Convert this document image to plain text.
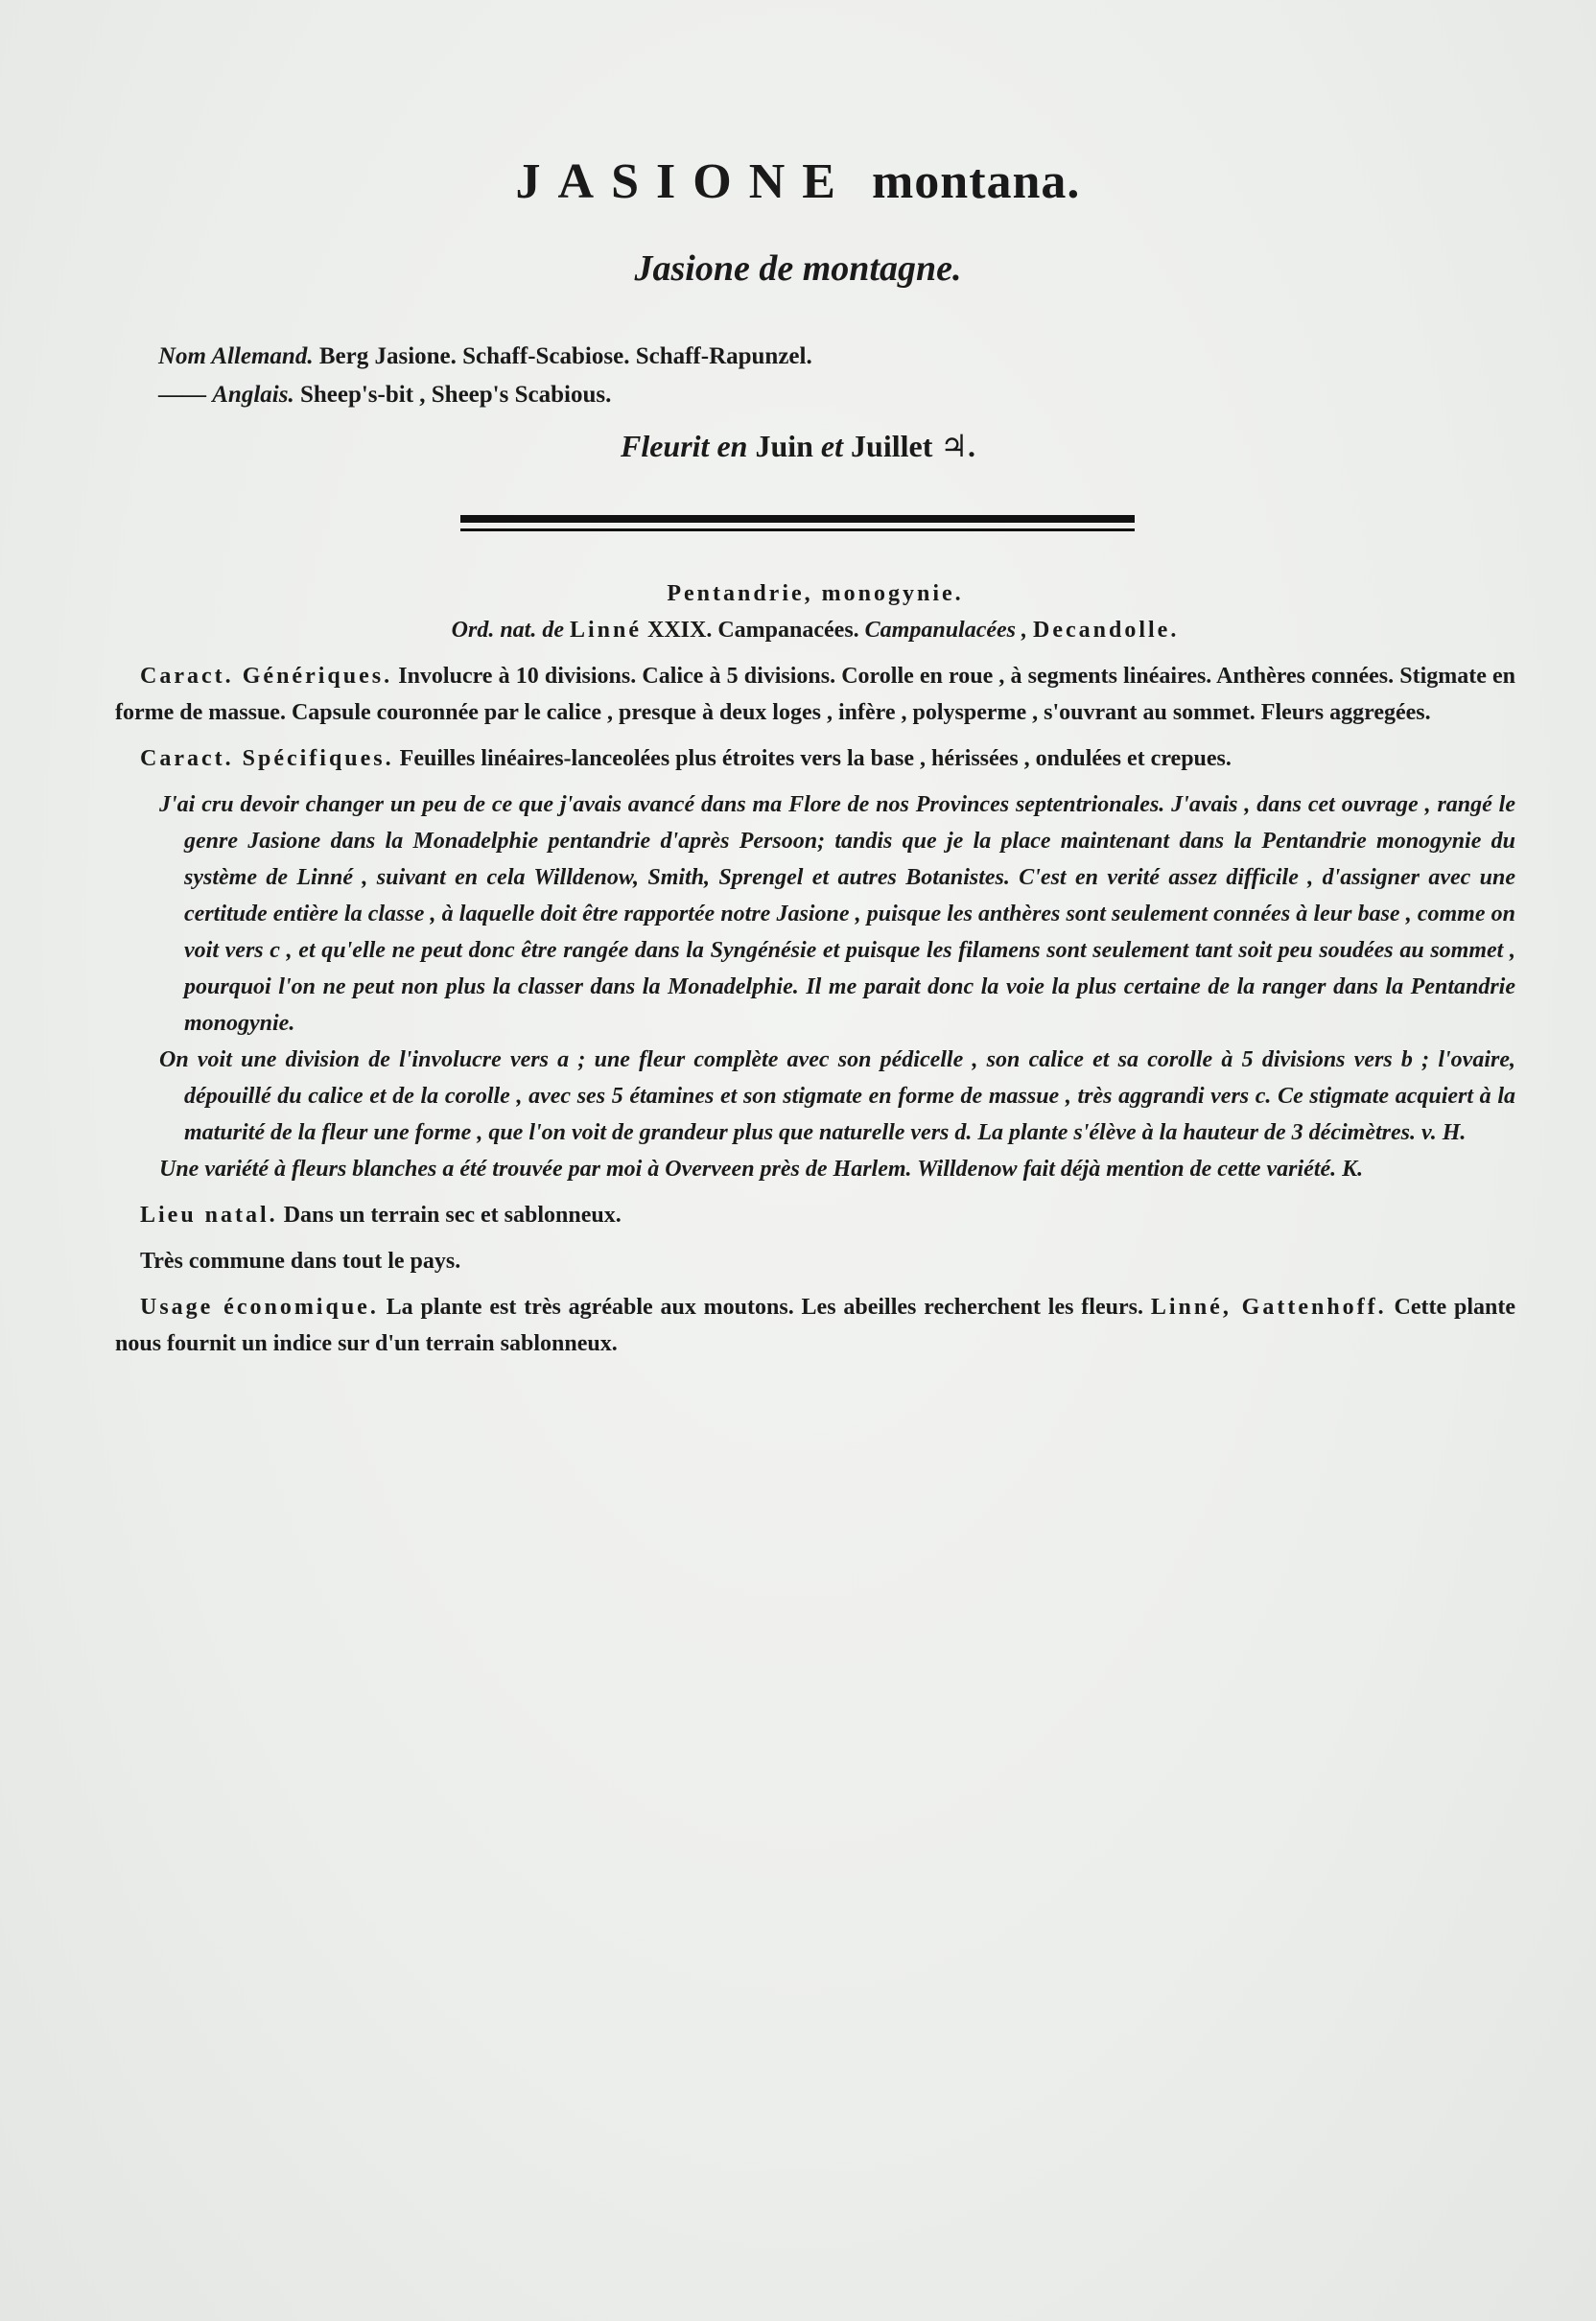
JASIONE montana.
Jasione de montagne.
Nom Allemand. Berg Jasione. Schaff-Scabiose. Schaff-Rapunzel.
—— Anglais. Sheep's-bit , Sheep's Scabious.
Fleurit en Juin et Juillet ♃.
Pentandrie, monogynie.
Ord. nat. de Linné XXIX. Campanacées. Campanulacées , Decandolle.

Caract. Génériques. Involucre à 10 divisions. Calice à 5 divisions. Corolle en roue , à segments linéaires. Anthères connées. Stigmate en forme de massue. Capsule couronnée par le calice , presque à deux loges , infère , polysperme , s'ouvrant au sommet. Fleurs aggregées.

Caract. Spécifiques. Feuilles linéaires-lanceolées plus étroites vers la base , hérissées , ondulées et crepues.

J'ai cru devoir changer un peu de ce que j'avais avancé dans ma Flore de nos Provinces septentrionales. J'avais , dans cet ouvrage , rangé le genre Jasione dans la Monadelphie pentandrie d'après Persoon; tandis que je la place maintenant dans la Pentandrie monogynie du système de Linné , suivant en cela Willdenow, Smith, Sprengel et autres Botanistes. C'est en verité assez difficile , d'assigner avec une certitude entière la classe , à laquelle doit être rapportée notre Jasione , puisque les anthères sont seulement connées à leur base , comme on voit vers c , et qu'elle ne peut donc être rangée dans la Syngénésie et puisque les filamens sont seulement tant soit peu soudées au sommet , pourquoi l'on ne peut non plus la classer dans la Monadelphie. Il me parait donc la voie la plus certaine de la ranger dans la Pentandrie monogynie.

On voit une division de l'involucre vers a ; une fleur complète avec son pédicelle , son calice et sa corolle à 5 divisions vers b ; l'ovaire, dépouillé du calice et de la corolle , avec ses 5 étamines et son stigmate en forme de massue , très aggrandi vers c. Ce stigmate acquiert à la maturité de la fleur une forme , que l'on voit de grandeur plus que naturelle vers d. La plante s'élève à la hauteur de 3 décimètres. v. H.

Une variété à fleurs blanches a été trouvée par moi à Overveen près de Harlem. Willdenow fait déjà mention de cette variété. K.

Lieu natal. Dans un terrain sec et sablonneux.

Très commune dans tout le pays.

Usage économique. La plante est très agréable aux moutons. Les abeilles recherchent les fleurs. Linné, Gattenhoff. Cette plante nous fournit un indice sur d'un terrain sablonneux.
